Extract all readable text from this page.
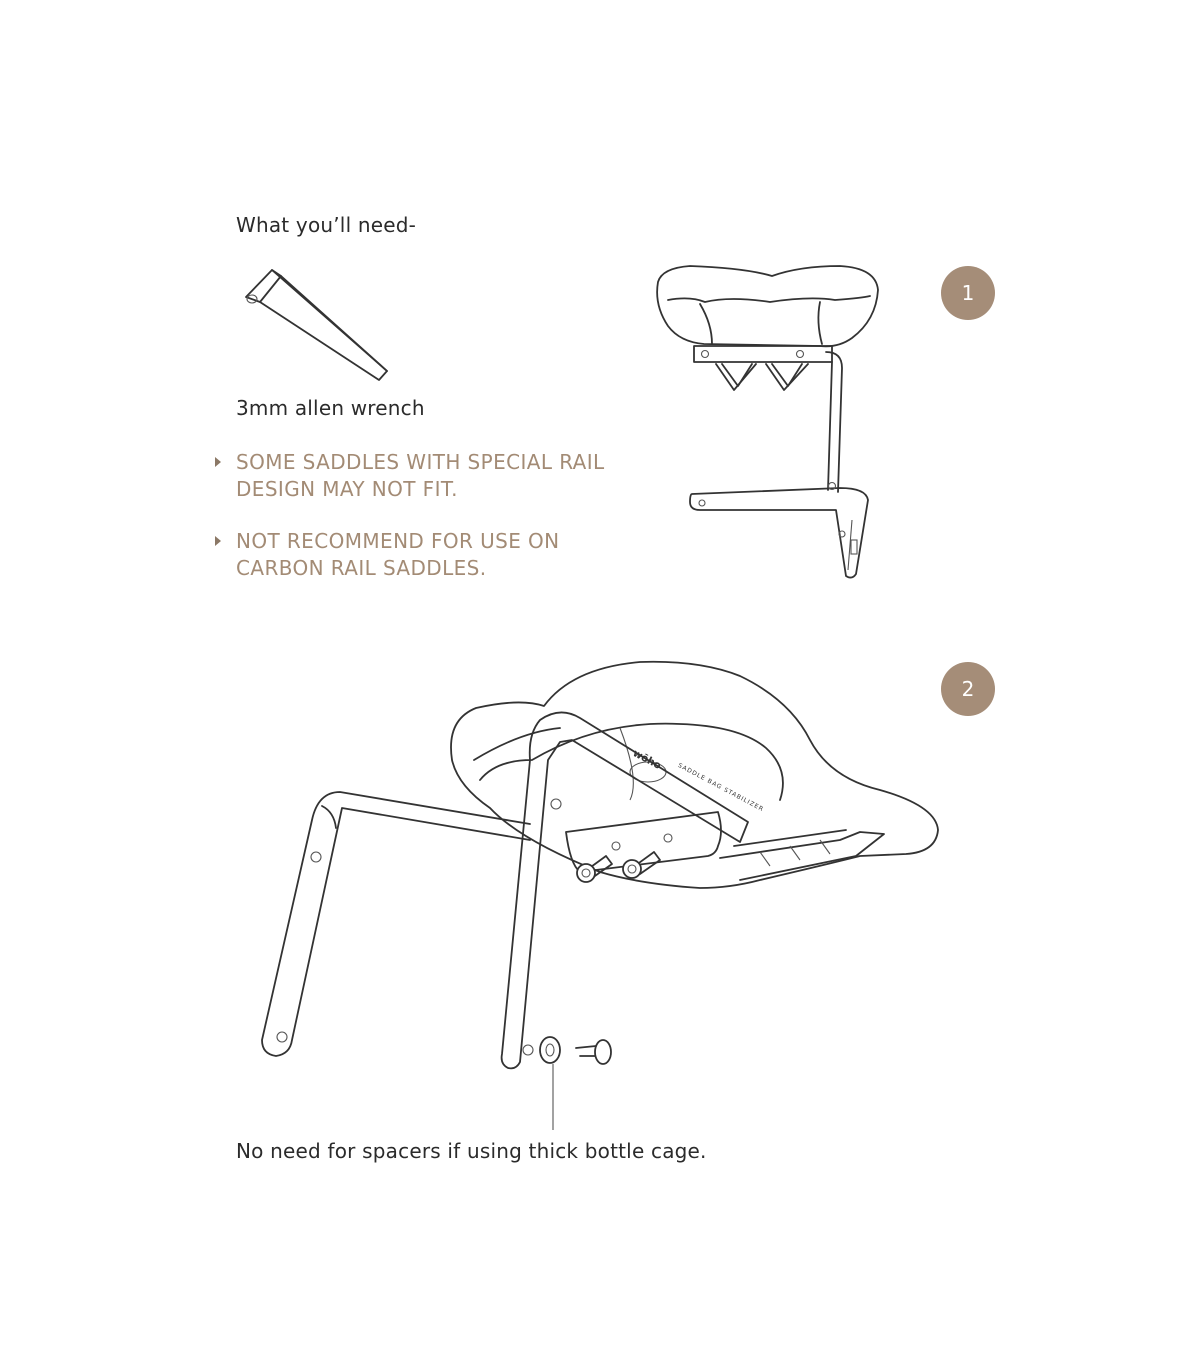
wōho
SADDLE BAG STABILIZER
What you’ll need-
3mm allen wrench
SOME SADDLES WITH SPECIAL RAIL
DESIGN MAY NOT FIT.
NOT RECOMMEND FOR USE ON
CARBON RAIL SADDLES.
1
2
No need for spacers if using thick bottle cage.
